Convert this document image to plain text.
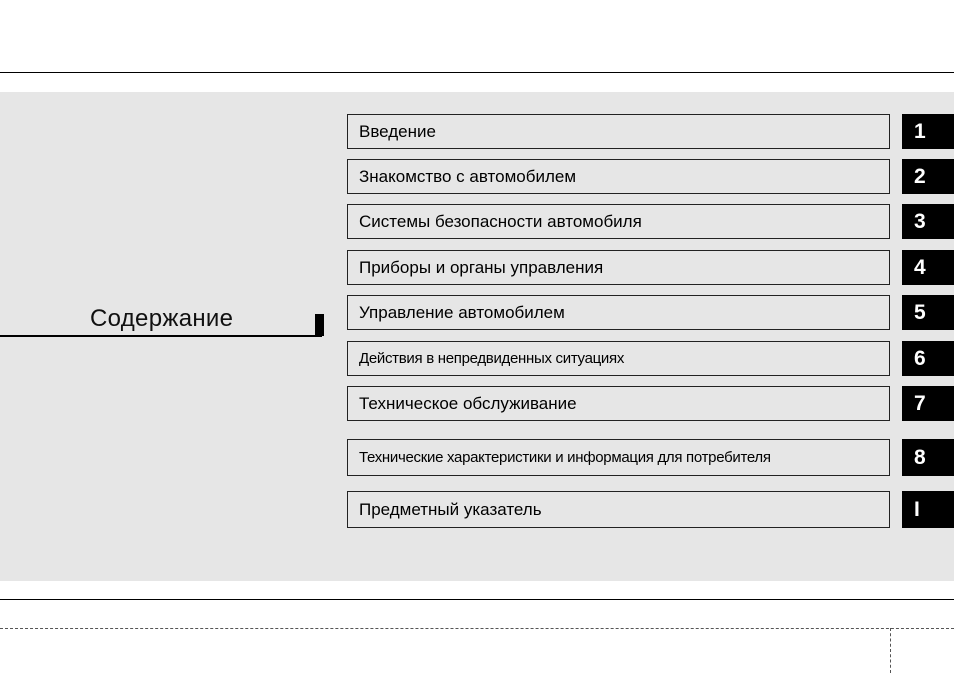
Содержание
Введение	1
Знакомство с автомобилем	2
Системы безопасности автомобиля	3
Приборы и органы управления	4
Управление автомобилем	5
Действия в непредвиденных ситуациях	6
Техническое обслуживание	7
Технические характеристики и информация для потребителя	8
Предметный указатель	I
